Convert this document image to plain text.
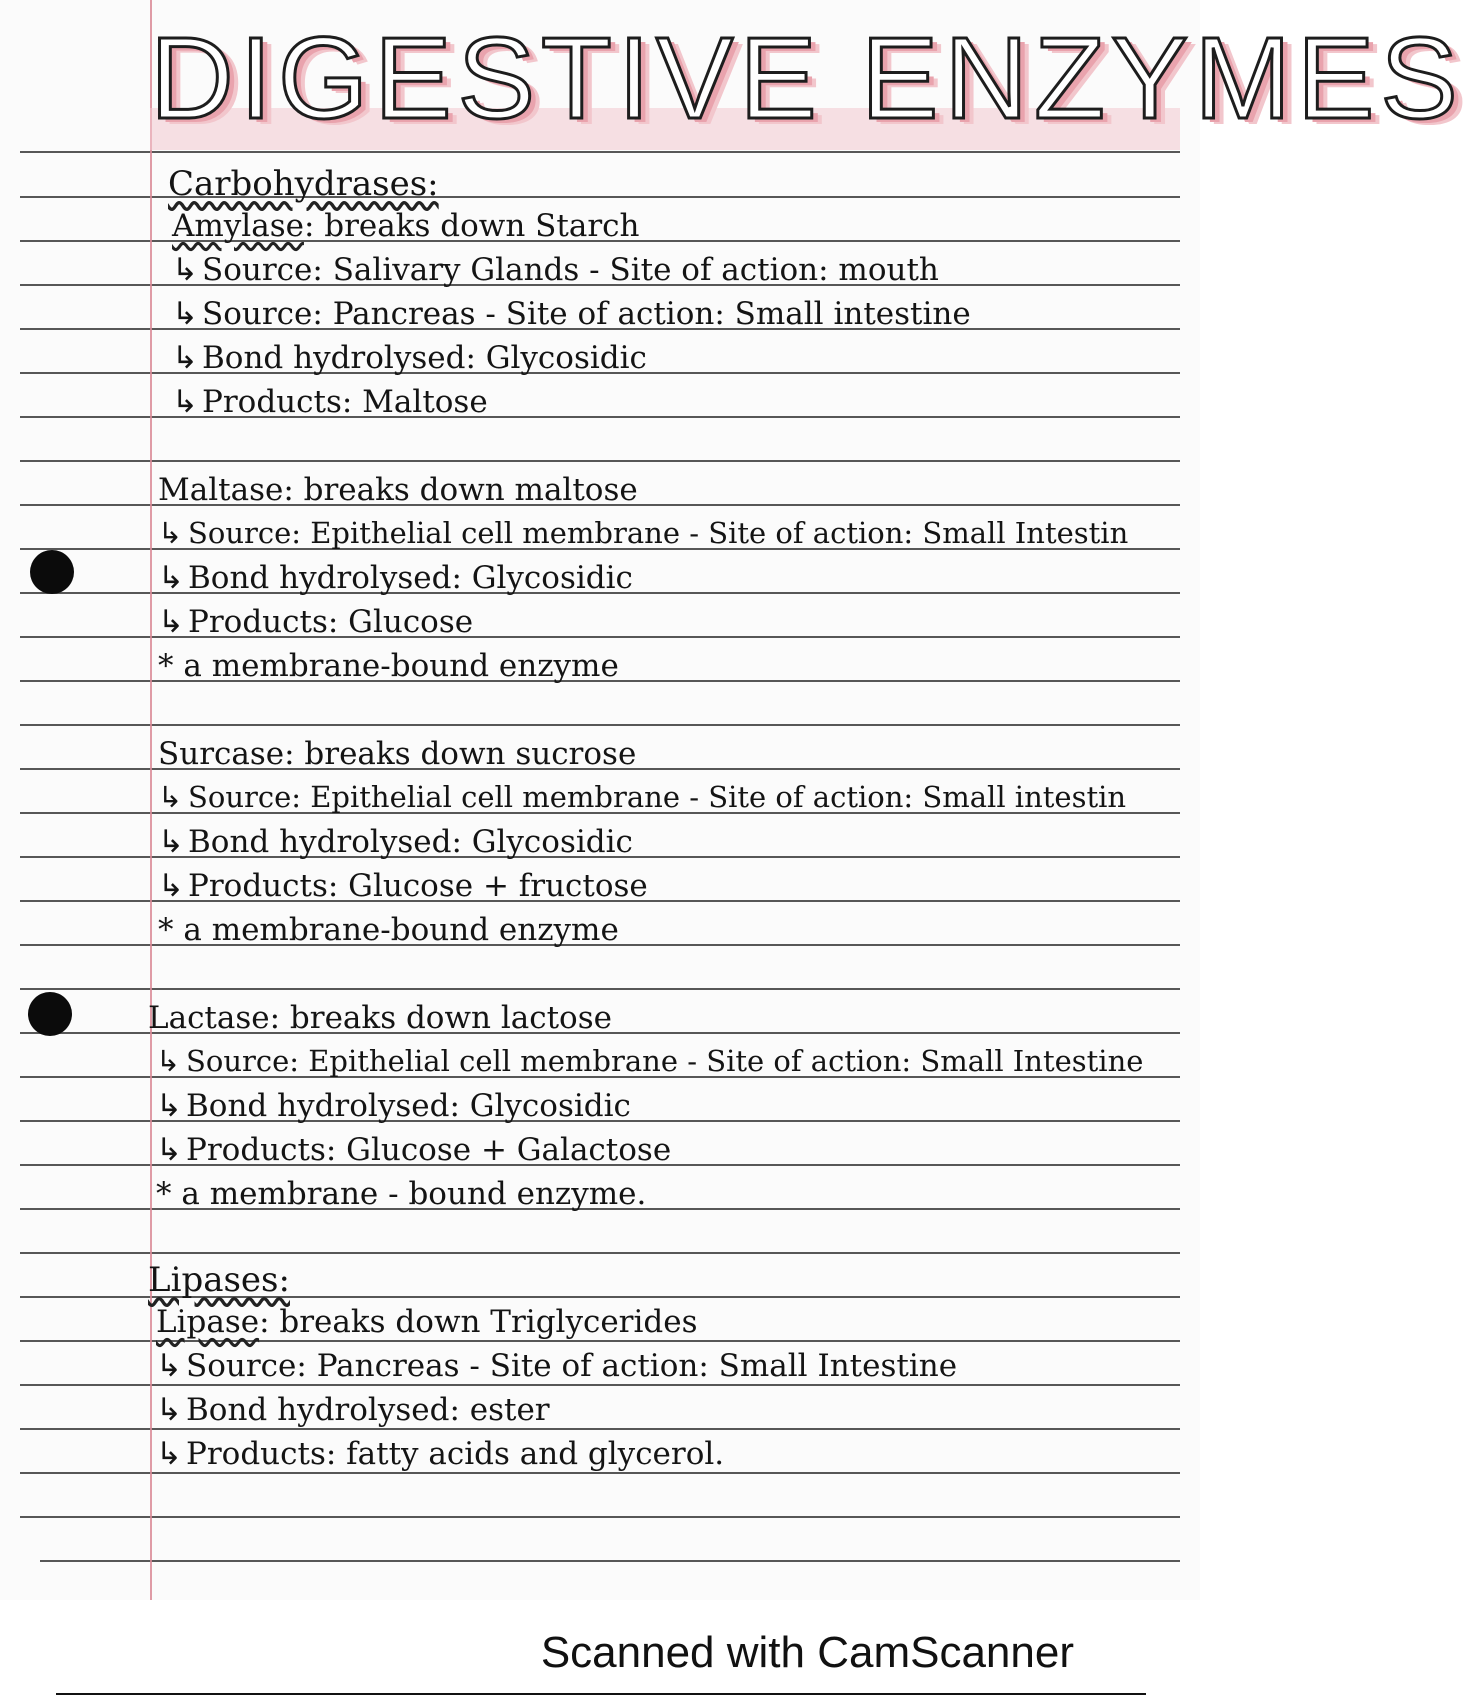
DIGESTIVE ENZYMES
Carbohydrases:
Amylase: breaks down Starch
↳ Source: Salivary Glands - Site of action: mouth
↳ Source: Pancreas - Site of action: Small intestine
↳ Bond hydrolysed: Glycosidic
↳ Products: Maltose
Maltase: breaks down maltose
↳ Source: Epithelial cell membrane - Site of action: Small Intestin
↳ Bond hydrolysed: Glycosidic
↳ Products: Glucose
* a membrane-bound enzyme
Surcase: breaks down sucrose
↳ Source: Epithelial cell membrane - Site of action: Small intestin
↳ Bond hydrolysed: Glycosidic
↳ Products: Glucose + fructose
* a membrane-bound enzyme
Lactase: breaks down lactose
↳ Source: Epithelial cell membrane - Site of action: Small Intestine
↳ Bond hydrolysed: Glycosidic
↳ Products: Glucose + Galactose
* a membrane - bound enzyme.
Lipases:
Lipase: breaks down Triglycerides
↳ Source: Pancreas - Site of action: Small Intestine
↳ Bond hydrolysed: ester
↳ Products: fatty acids and glycerol.
Scanned with CamScanner
